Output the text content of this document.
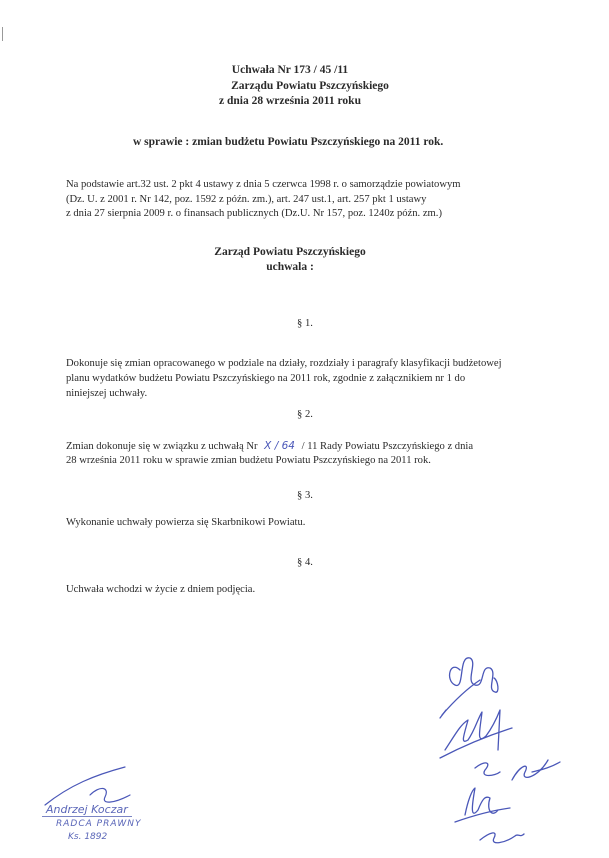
Uchwała Nr 173 / 45 /11
Zarządu Powiatu Pszczyńskiego
z dnia 28 września 2011 roku
w sprawie : zmian budżetu Powiatu Pszczyńskiego na 2011 rok.
Na podstawie art.32 ust. 2 pkt 4 ustawy z dnia 5 czerwca 1998 r. o samorządzie powiatowym
(Dz. U. z 2001 r. Nr 142, poz. 1592 z późn. zm.), art. 247 ust.1, art. 257 pkt 1 ustawy
z dnia 27 sierpnia 2009 r. o finansach publicznych (Dz.U. Nr 157, poz. 1240z późn. zm.)
Zarząd Powiatu Pszczyńskiego
uchwala :
§ 1.
Dokonuje się zmian opracowanego w podziale na działy, rozdziały i paragrafy klasyfikacji budżetowej
planu wydatków budżetu Powiatu Pszczyńskiego na 2011 rok, zgodnie z załącznikiem nr 1 do
niniejszej uchwały.
§ 2.
Zmian dokonuje się w związku z uchwałą Nr X / 64 / 11 Rady Powiatu Pszczyńskiego z dnia
28 września 2011 roku w sprawie zmian budżetu Powiatu Pszczyńskiego na 2011 rok.
§ 3.
Wykonanie uchwały powierza się Skarbnikowi Powiatu.
§ 4.
Uchwała wchodzi w życie z dniem podjęcia.
Andrzej Koczar
RADCA PRAWNY
Ks. 1892
